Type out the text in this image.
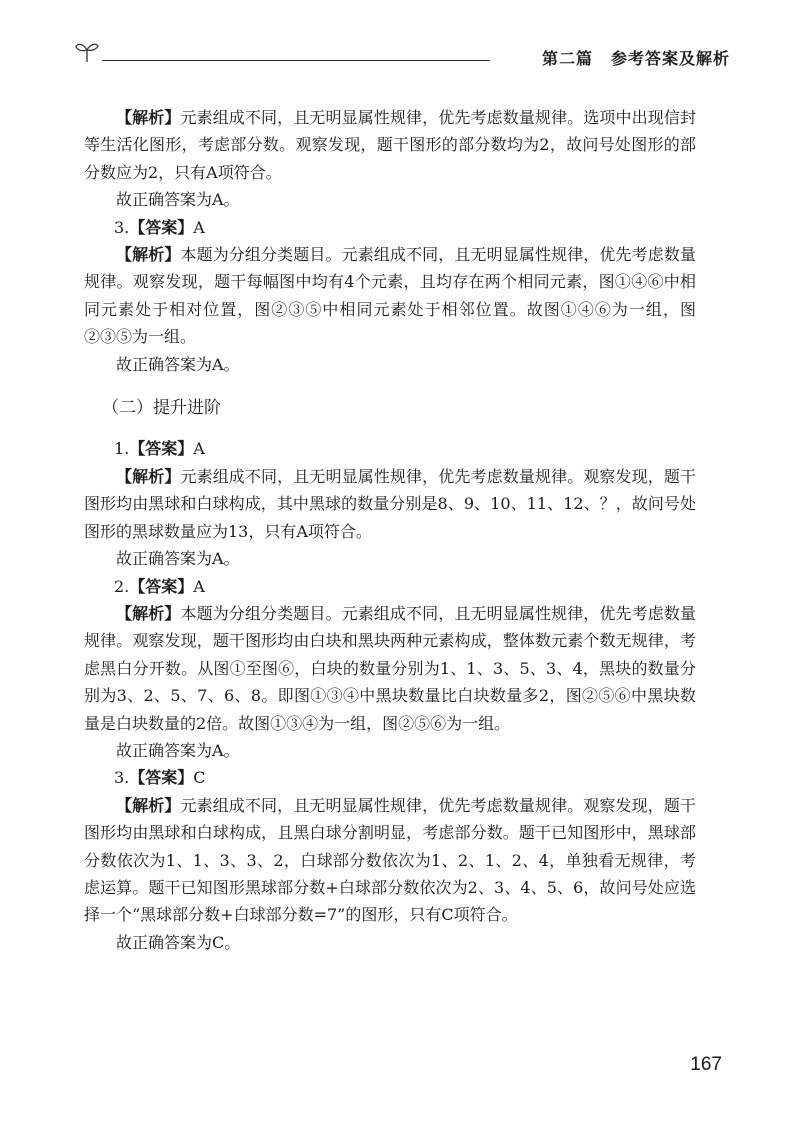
第二篇 参考答案及解析

【解析】元素组成不同，且无明显属性规律，优先考虑数量规律。选项中出现信封等生活化图形，考虑部分数。观察发现，题干图形的部分数均为2，故问号处图形的部分数应为2，只有A项符合。

故正确答案为A。

3.【答案】A

【解析】本题为分组分类题目。元素组成不同，且无明显属性规律，优先考虑数量规律。观察发现，题干每幅图中均有4个元素，且均存在两个相同元素，图①④⑥中相同元素处于相对位置，图②③⑤中相同元素处于相邻位置。故图①④⑥为一组，图②③⑤为一组。

故正确答案为A。

（二）提升进阶

1.【答案】A

【解析】元素组成不同，且无明显属性规律，优先考虑数量规律。观察发现，题干图形均由黑球和白球构成，其中黑球的数量分别是8、9、10、11、12、？，故问号处图形的黑球数量应为13，只有A项符合。

故正确答案为A。

2.【答案】A

【解析】本题为分组分类题目。元素组成不同，且无明显属性规律，优先考虑数量规律。观察发现，题干图形均由白块和黑块两种元素构成，整体数元素个数无规律，考虑黑白分开数。从图①至图⑥，白块的数量分别为1、1、3、5、3、4，黑块的数量分别为3、2、5、7、6、8。即图①③④中黑块数量比白块数量多2，图②⑤⑥中黑块数量是白块数量的2倍。故图①③④为一组，图②⑤⑥为一组。

故正确答案为A。

3.【答案】C

【解析】元素组成不同，且无明显属性规律，优先考虑数量规律。观察发现，题干图形均由黑球和白球构成，且黑白球分割明显，考虑部分数。题干已知图形中，黑球部分数依次为1、1、3、3、2，白球部分数依次为1、2、1、2、4，单独看无规律，考虑运算。题干已知图形黑球部分数+白球部分数依次为2、3、4、5、6，故问号处应选择一个“黑球部分数+白球部分数=7”的图形，只有C项符合。

故正确答案为C。

167
